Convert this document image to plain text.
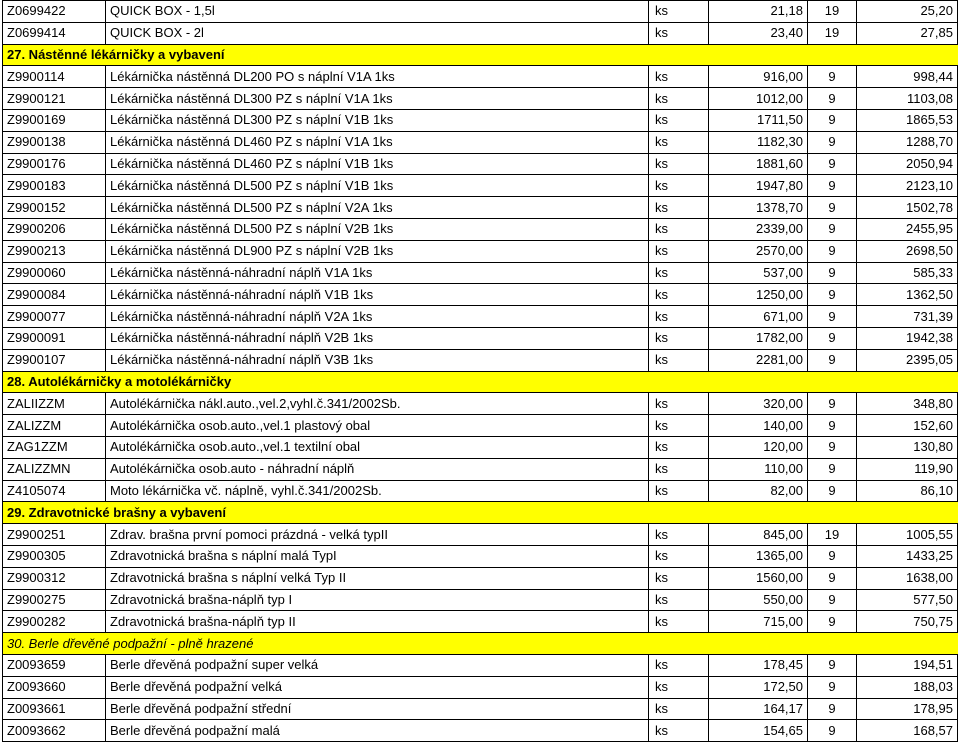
Z0699422	QUICK BOX - 1,5l	ks	21,18	19	25,20
Z0699414	QUICK BOX - 2l	ks	23,40	19	27,85
27. Nástěnné lékárničky a vybavení					
Z9900114	Lékárnička nástěnná DL200 PO s náplní V1A 1ks	ks	916,00	9	998,44
Z9900121	Lékárnička nástěnná DL300 PZ s náplní V1A 1ks	ks	1012,00	9	1103,08
Z9900169	Lékárnička nástěnná DL300 PZ s náplní V1B 1ks	ks	1711,50	9	1865,53
Z9900138	Lékárnička nástěnná DL460 PZ s náplní V1A 1ks	ks	1182,30	9	1288,70
Z9900176	Lékárnička nástěnná DL460 PZ s náplní V1B 1ks	ks	1881,60	9	2050,94
Z9900183	Lékárnička nástěnná DL500 PZ s náplní V1B 1ks	ks	1947,80	9	2123,10
Z9900152	Lékárnička nástěnná DL500 PZ s náplní V2A 1ks	ks	1378,70	9	1502,78
Z9900206	Lékárnička nástěnná DL500 PZ s náplní V2B 1ks	ks	2339,00	9	2455,95
Z9900213	Lékárnička nástěnná DL900 PZ s náplní V2B 1ks	ks	2570,00	9	2698,50
Z9900060	Lékárnička nástěnná-náhradní náplň V1A 1ks	ks	537,00	9	585,33
Z9900084	Lékárnička nástěnná-náhradní náplň V1B 1ks	ks	1250,00	9	1362,50
Z9900077	Lékárnička nástěnná-náhradní náplň V2A 1ks	ks	671,00	9	731,39
Z9900091	Lékárnička nástěnná-náhradní náplň V2B 1ks	ks	1782,00	9	1942,38
Z9900107	Lékárnička nástěnná-náhradní náplň V3B 1ks	ks	2281,00	9	2395,05
28. Autolékárničky a motolékárničky					
ZALIIZZM	Autolékárnička nákl.auto.,vel.2,vyhl.č.341/2002Sb.	ks	320,00	9	348,80
ZALIZZM	Autolékárnička osob.auto.,vel.1 plastový obal	ks	140,00	9	152,60
ZAG1ZZM	Autolékárnička osob.auto.,vel.1 textilní obal	ks	120,00	9	130,80
ZALIZZMN	Autolékárnička osob.auto - náhradní náplň	ks	110,00	9	119,90
Z4105074	Moto lékárnička vč. náplně, vyhl.č.341/2002Sb.	ks	82,00	9	86,10
29. Zdravotnické brašny a vybavení					
Z9900251	Zdrav. brašna první pomoci prázdná - velká typII	ks	845,00	19	1005,55
Z9900305	Zdravotnická brašna s náplní malá TypI	ks	1365,00	9	1433,25
Z9900312	Zdravotnická brašna s náplní velká Typ II	ks	1560,00	9	1638,00
Z9900275	Zdravotnická brašna-náplň typ I	ks	550,00	9	577,50
Z9900282	Zdravotnická brašna-náplň typ II	ks	715,00	9	750,75
30. Berle dřevěné podpažní - plně hrazené					
Z0093659	Berle dřevěná podpažní super velká	ks	178,45	9	194,51
Z0093660	Berle dřevěná podpažní velká	ks	172,50	9	188,03
Z0093661	Berle dřevěná podpažní střední	ks	164,17	9	178,95
Z0093662	Berle dřevěná podpažní malá	ks	154,65	9	168,57
